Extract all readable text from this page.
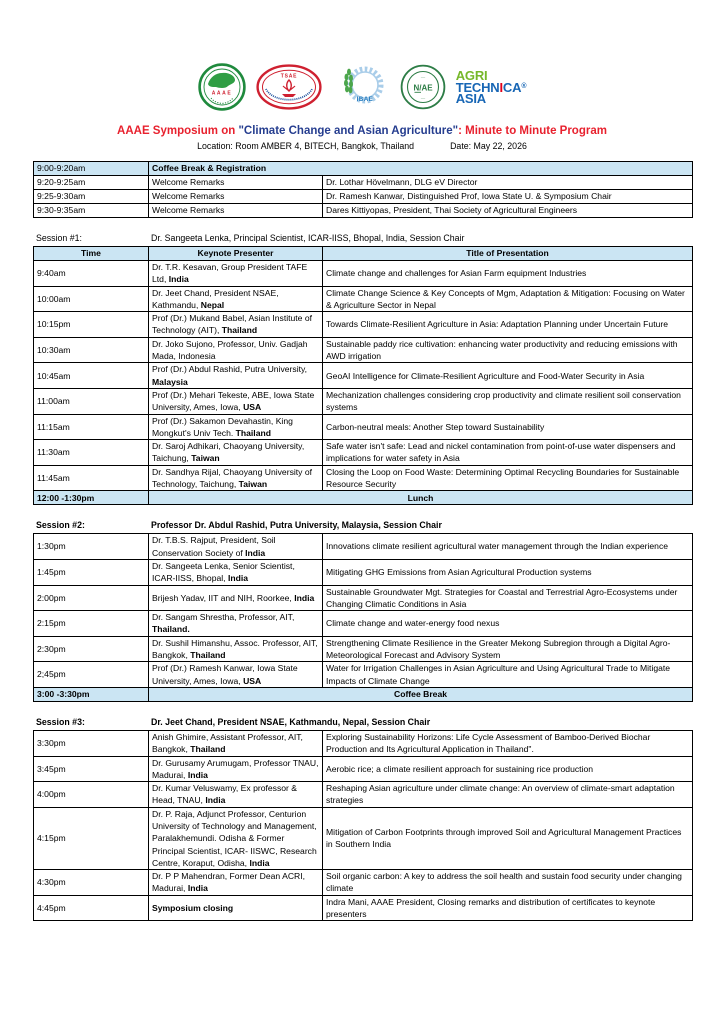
AAAE
TSAE
IBAE
----
N/AE
----
AGRI
TECHNICA®
ASIA
AAAE Symposium on "Climate Change and Asian Agriculture": Minute to Minute Program
Location: Room AMBER 4, BITECH, Bangkok, Thailand	Date: May 22, 2026
9:00-9:20am	Coffee Break & Registration	
9:20-9:25am	Welcome Remarks	Dr. Lothar Hövelmann, DLG eV Director
9:25-9:30am	Welcome Remarks	Dr. Ramesh Kanwar, Distinguished Prof, Iowa State U. & Symposium Chair
9:30-9:35am	Welcome Remarks	Dares Kittiyopas, President, Thai Society of Agricultural Engineers
Session #1:	Dr. Sangeeta Lenka, Principal Scientist, ICAR-IISS, Bhopal, India, Session Chair
Time	Keynote Presenter	Title of Presentation
9:40am	Dr. T.R. Kesavan, Group President TAFE Ltd, India	Climate change and challenges for Asian Farm equipment Industries
10:00am	Dr. Jeet Chand, President NSAE, Kathmandu, Nepal	Climate Change Science & Key Concepts of Mgm, Adaptation & Mitigation: Focusing on Water & Agriculture Sector in Nepal
10:15pm	Prof (Dr.) Mukand Babel, Asian Institute of Technology (AIT), Thailand	Towards Climate-Resilient Agriculture in Asia: Adaptation Planning under Uncertain Future
10:30am	Dr. Joko Sujono, Professor, Univ. Gadjah Mada, Indonesia	Sustainable paddy rice cultivation: enhancing water productivity and reducing emissions with AWD irrigation
10:45am	Prof (Dr.) Abdul Rashid, Putra University, Malaysia	GeoAI Intelligence for Climate-Resilient Agriculture and Food-Water Security in Asia
11:00am	Prof (Dr.) Mehari Tekeste, ABE, Iowa State University, Ames, Iowa, USA	Mechanization challenges considering crop productivity and climate resilient soil conservation systems
11:15am	Prof (Dr.) Sakamon Devahastin, King Mongkut's Univ Tech. Thailand	Carbon-neutral meals: Another Step toward Sustainability
11:30am	Dr. Saroj Adhikari, Chaoyang University, Taichung, Taiwan	Safe water isn't safe: Lead and nickel contamination from point-of-use water dispensers and implications for water safety in Asia
11:45am	Dr. Sandhya Rijal, Chaoyang University of Technology, Taichung, Taiwan	Closing the Loop on Food Waste: Determining Optimal Recycling Boundaries for Sustainable Resource Security
12:00 -1:30pm	Lunch	
Session #2:	Professor Dr. Abdul Rashid, Putra University, Malaysia, Session Chair
1:30pm	Dr. T.B.S. Rajput, President, Soil Conservation Society of India	Innovations climate resilient agricultural water management through the Indian experience
1:45pm	Dr. Sangeeta Lenka, Senior Scientist, ICAR-IISS, Bhopal, India	Mitigating GHG Emissions from Asian Agricultural Production systems
2:00pm	Brijesh Yadav, IIT and NIH, Roorkee, India	Sustainable Groundwater Mgt. Strategies for Coastal and Terrestrial Agro-Ecosystems under Changing Climatic Conditions in Asia
2:15pm	Dr. Sangam Shrestha, Professor, AIT, Thailand.	Climate change and water-energy food nexus
2:30pm	Dr. Sushil Himanshu, Assoc. Professor, AIT, Bangkok, Thailand	Strengthening Climate Resilience in the Greater Mekong Subregion through a Digital Agro-Meteorological Forecast and Advisory System
2;45pm	Prof (Dr.) Ramesh Kanwar, Iowa State University, Ames, Iowa, USA	Water for Irrigation Challenges in Asian Agriculture and Using Agricultural Trade to Mitigate Impacts of Climate Change
3:00 -3:30pm	Coffee Break	
Session #3:	Dr. Jeet Chand, President NSAE, Kathmandu, Nepal, Session Chair
3:30pm	Anish Ghimire, Assistant Professor, AIT, Bangkok, Thailand	Exploring Sustainability Horizons: Life Cycle Assessment of Bamboo-Derived Biochar Production and Its Agricultural Application in Thailand".
3:45pm	Dr. Gurusamy Arumugam, Professor TNAU, Madurai, India	Aerobic rice; a climate resilient approach for sustaining rice production
4:00pm	Dr. Kumar Veluswamy, Ex professor & Head, TNAU, India	Reshaping Asian agriculture under climate change: An overview of climate-smart adaptation strategies
4:15pm	Dr. P. Raja, Adjunct Professor, Centurion University of Technology and Management, Paralakhemundi. Odisha & Former Principal Scientist, ICAR- IISWC, Research Centre, Koraput, Odisha, India	Mitigation of Carbon Footprints through improved Soil and Agricultural Management Practices in Southern India
4:30pm	Dr. P P Mahendran, Former Dean ACRI, Madurai, India	Soil organic carbon: A key to address the soil health and sustain food security under changing climate
4:45pm	Symposium closing	Indra Mani, AAAE President, Closing remarks and distribution of certificates to keynote presenters
